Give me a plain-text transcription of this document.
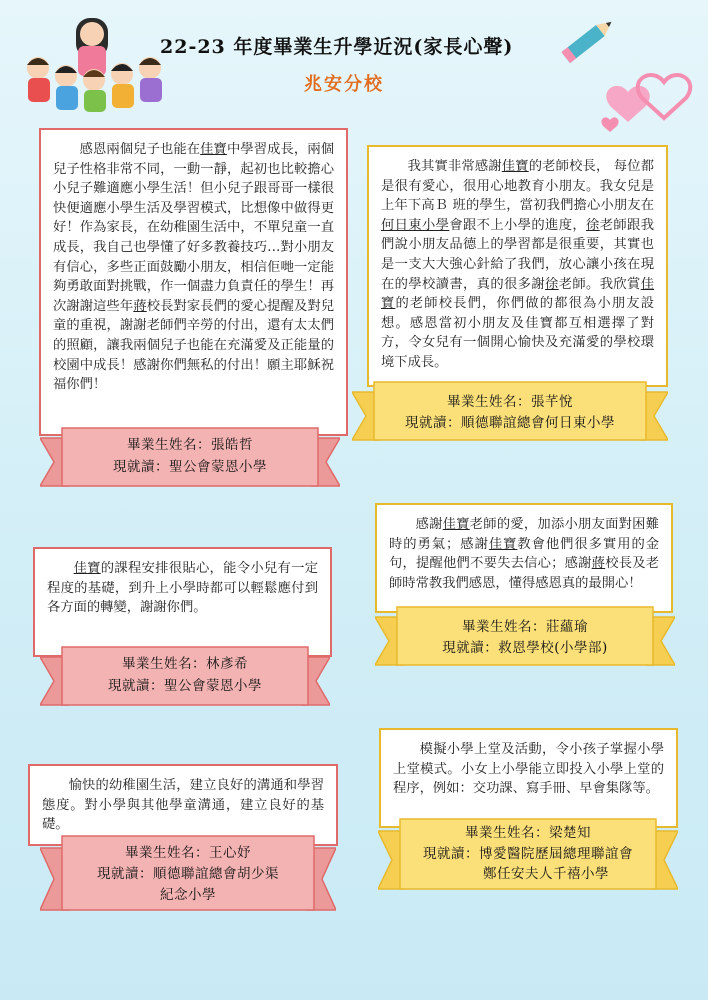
22-23 年度畢業生升學近況(家長心聲)
兆安分校

感恩兩個兒子也能在佳寶中學習成長，兩個兒子性格非常不同，一動一靜，起初也比較擔心小兒子難適應小學生活！但小兒子跟哥哥一樣很快便適應小學生活及學習模式，比想像中做得更好！作為家長，在幼稚園生活中，不單兒童一直成長，我自己也學懂了好多教養技巧…對小朋友有信心，多些正面鼓勵小朋友，相信佢哋一定能夠勇敢面對挑戰，作一個盡力負責任的學生！再次謝謝這些年蔣校長對家長們的愛心提醒及對兒童的重視，謝謝老師們辛勞的付出，還有太太們的照顧，讓我兩個兒子也能在充滿愛及正能量的校園中成長！感謝你們無私的付出！願主耶穌祝福你們！

畢業生姓名：張皓哲
現就讀：聖公會蒙恩小學

我其實非常感謝佳寶的老師校長， 每位都是很有愛心，很用心地教育小朋友。我女兒是上年下高Ｂ 班的學生，當初我們擔心小朋友在何日東小學會跟不上小學的進度，徐老師跟我們說小朋友品德上的學習都是很重要，其實也是一支大大強心針給了我們，放心讓小孩在現在的學校讀書，真的很多謝徐老師。我欣賞佳寶的老師校長們，你們做的都很為小朋友設想。感恩當初小朋友及佳寶都互相選擇了對方，令女兒有一個開心愉快及充滿愛的學校環境下成長。

畢業生姓名：張芊悅
現就讀：順德聯誼總會何日東小學

佳寶的課程安排很貼心，能令小兒有一定程度的基礎，到升上小學時都可以輕鬆應付到各方面的轉變，謝謝你們。

畢業生姓名：林彥希
現就讀：聖公會蒙恩小學

感謝佳寶老師的愛，加添小朋友面對困難時的勇氣；感謝佳寶教會他們很多實用的金句，提醒他們不要失去信心；感謝蔣校長及老師時常教我們感恩，懂得感恩真的最開心！

畢業生姓名：莊蘊瑜
現就讀：救恩學校(小學部)

模擬小學上堂及活動，令小孩子掌握小學上堂模式。小女上小學能立即投入小學上堂的程序，例如：交功課、寫手冊、早會集隊等。

畢業生姓名：梁楚知
現就讀：博愛醫院歷屆總理聯誼會
鄭任安夫人千禧小學

愉快的幼稚園生活，建立良好的溝通和學習態度。對小學與其他學童溝通，建立良好的基礎。

畢業生姓名：王心妤
現就讀：順德聯誼總會胡少渠
紀念小學
